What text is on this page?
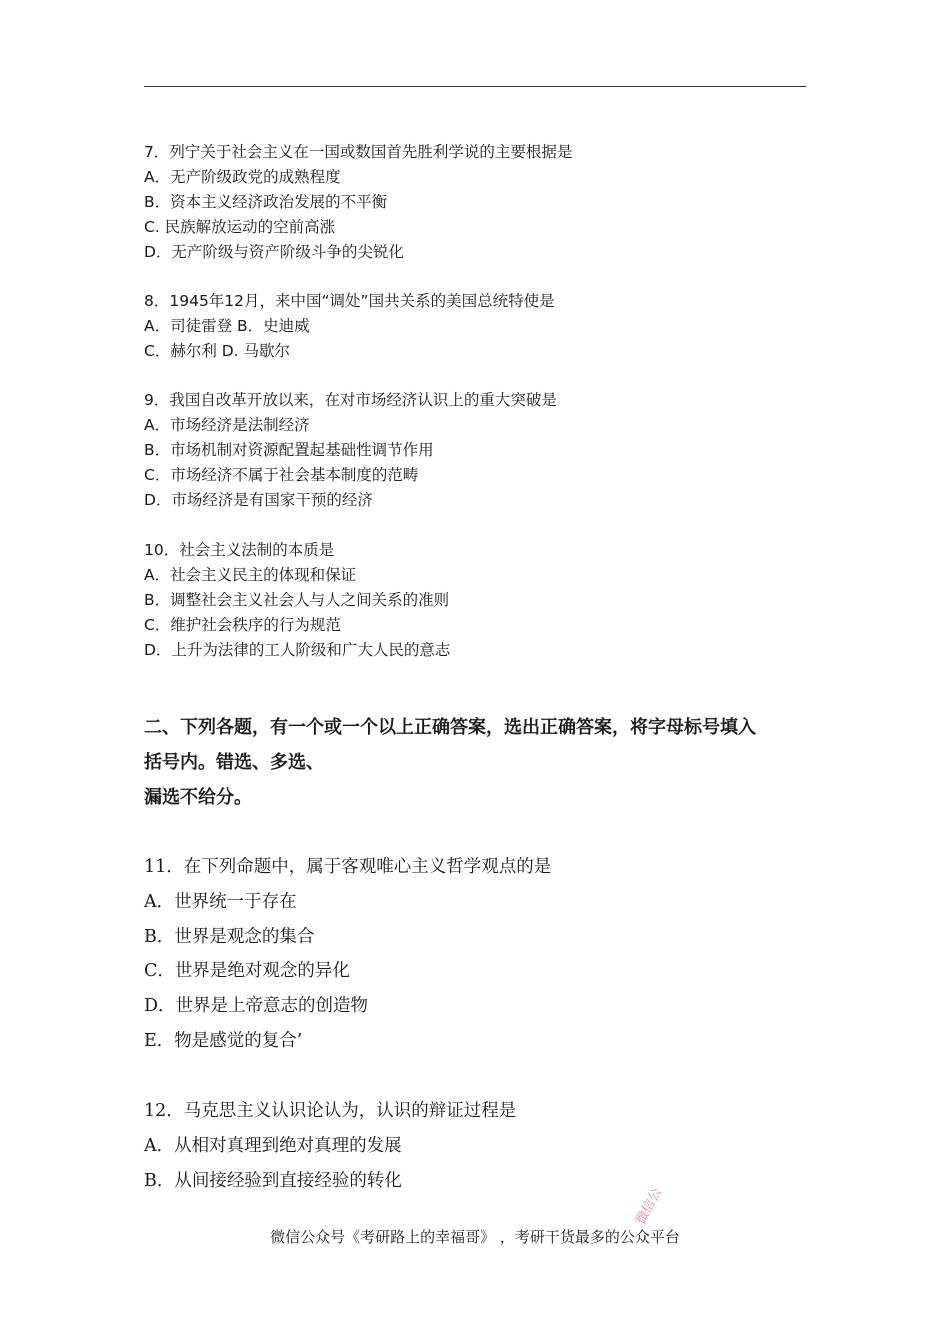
7．列宁关于社会主义在一国或数国首先胜利学说的主要根据是
A．无产阶级政党的成熟程度
B．资本主义经济政治发展的不平衡
C. 民族解放运动的空前高涨
D．无产阶级与资产阶级斗争的尖锐化
8．1945年12月，来中国“调处”国共关系的美国总统特使是
A．司徒雷登 B．史迪威
C．赫尔利 D. 马歇尔
9．我国自改革开放以来，在对市场经济认识上的重大突破是
A．市场经济是法制经济
B．市场机制对资源配置起基础性调节作用
C．市场经济不属于社会基本制度的范畴
D．市场经济是有国家干预的经济
10．社会主义法制的本质是
A．社会主义民主的体现和保证
B．调整社会主义社会人与人之间关系的准则
C．维护社会秩序的行为规范
D．上升为法律的工人阶级和广大人民的意志
二、下列各题，有一个或一个以上正确答案，选出正确答案，将字母标号填入
括号内。错选、多选、
漏选不给分。
11．在下列命题中，属于客观唯心主义哲学观点的是
A．世界统一于存在
B．世界是观念的集合
C．世界是绝对观念的异化
D．世界是上帝意志的创造物
E．物是感觉的复合’
12．马克思主义认识论认为，认识的辩证过程是
A．从相对真理到绝对真理的发展
B．从间接经验到直接经验的转化
微信公
微信公众号《考研路上的幸福哥》 ，考研干货最多的公众平台
